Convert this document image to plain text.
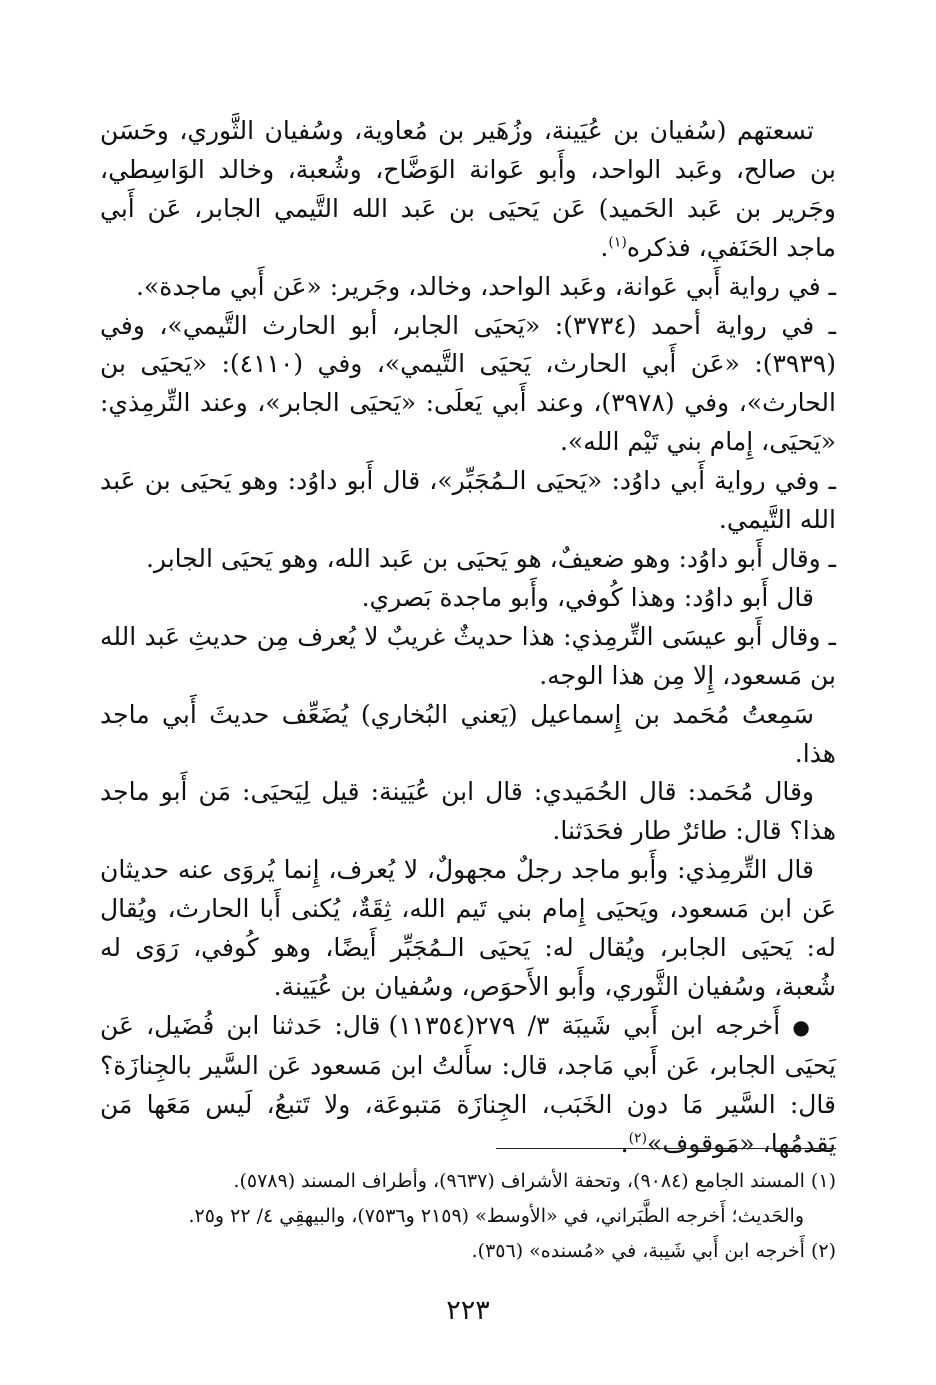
تسعتهم (سُفيان بن عُيَينة، وزُهَير بن مُعاوية، وسُفيان الثَّوري، وحَسَن بن صالح، وعَبد الواحد، وأَبو عَوانة الوَضَّاح، وشُعبة، وخالد الوَاسِطي، وجَرير بن عَبد الحَميد) عَن يَحيَى بن عَبد الله التَّيمي الجابر، عَن أَبي ماجد الحَنَفي، فذكره$^{(١)}$.

ـ في رواية أَبي عَوانة، وعَبد الواحد، وخالد، وجَرير: «عَن أَبي ماجدة».

ـ في رواية أحمد (٣٧٣٤): «يَحيَى الجابر، أبو الحارث التَّيمي»، وفي (٣٩٣٩): «عَن أَبي الحارث، يَحيَى التَّيمي»، وفي (٤١١٠): «يَحيَى بن الحارث»، وفي (٣٩٧٨)، وعند أَبي يَعلَى: «يَحيَى الجابر»، وعند التِّرمِذي: «يَحيَى، إِمام بني تَيْم الله».

ـ وفي رواية أَبي داوُد: «يَحيَى الـمُجَبِّر»، قال أَبو داوُد: وهو يَحيَى بن عَبد الله التَّيمي.

ـ وقال أَبو داوُد: وهو ضعيفٌ، هو يَحيَى بن عَبد الله، وهو يَحيَى الجابر.

قال أَبو داوُد: وهذا كُوفي، وأَبو ماجدة بَصري.

ـ وقال أَبو عيسَى التِّرمِذي: هذا حديثٌ غريبٌ لا يُعرف مِن حديثِ عَبد الله بن مَسعود، إِلا مِن هذا الوجه.

سَمِعتُ مُحَمد بن إِسماعيل (يَعني البُخاري) يُضَعِّف حديثَ أَبي ماجد هذا.

وقال مُحَمد: قال الحُمَيدي: قال ابن عُيَينة: قيل لِيَحيَى: مَن أَبو ماجد هذا؟ قال: طائرٌ طار فحَدَثنا.

قال التِّرمِذي: وأَبو ماجد رجلٌ مجهولٌ، لا يُعرف، إِنما يُروَى عنه حديثان عَن ابن مَسعود، ويَحيَى إِمام بني تَيم الله، ثِقَةٌ، يُكنى أَبا الحارث، ويُقال له: يَحيَى الجابر، ويُقال له: يَحيَى الـمُجَبِّر أَيضًا، وهو كُوفي، رَوَى له شُعبة، وسُفيان الثَّوري، وأَبو الأَحوَص، وسُفيان بن عُيَينة.

● أَخرجه ابن أَبي شَيبَة ٣/ ٢٧٩(١١٣٥٤) قال: حَدثنا ابن فُضَيل، عَن يَحيَى الجابر، عَن أَبي مَاجد، قال: سأَلتُ ابن مَسعود عَن السَّير بالجِنازَة؟ قال: السَّير مَا دون الخَبَب، الجِنازَة مَتبوعَة، ولا تَتبعُ، لَيس مَعَها مَن يَقدمُها، «مَوقوف»$^{(٢)}$.

(١) المسند الجامع (٩٠٨٤)، وتحفة الأشراف (٩٦٣٧)، وأطراف المسند (٥٧٨٩).

والحَديث؛ أَخرجه الطَّبَراني، في «الأوسط» (٢١٥٩ و٧٥٣٦)، والبيهقِي ٤/ ٢٢ و٢٥.

(٢) أَخرجه ابن أَبي شَيبة، في «مُسنده» (٣٥٦).

٢٢٣
